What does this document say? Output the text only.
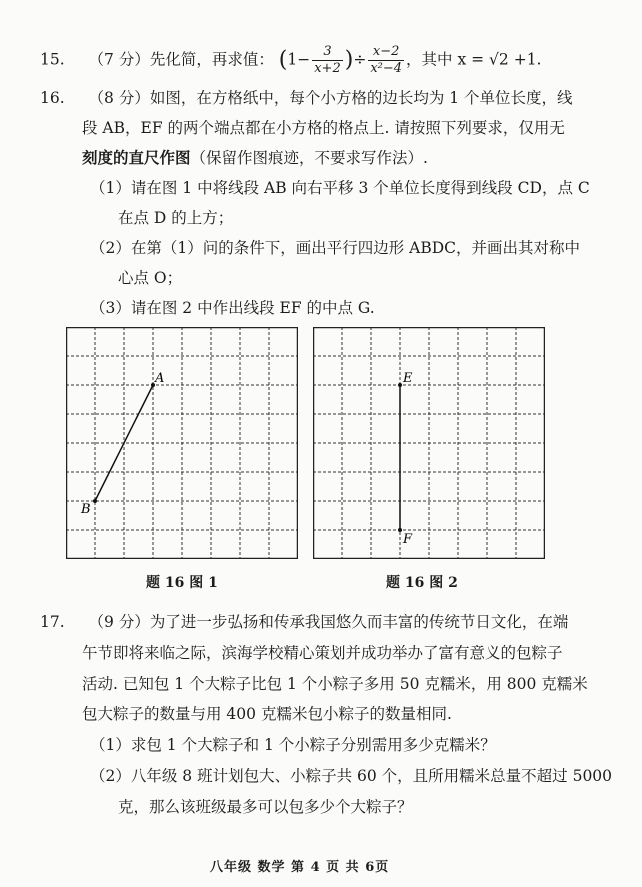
15. （7 分）先化简，再求值： ($1- \frac{3}{x+2}$ )÷ $\frac{x-2}{\text{x²−4}}$ ，其中 x = √2 +1.
16. （8 分）如图，在方格纸中，每个小方格的边长均为 1 个单位长度，线
段 AB，EF 的两个端点都在小方格的格点上. 请按照下列要求，仅用无
刻度的直尺作图（保留作图痕迹，不要求写作法）.
（1）请在图 1 中将线段 AB 向右平移 3 个单位长度得到线段 CD，点 C
在点 D 的上方；
（2）在第（1）问的条件下，画出平行四边形 ABDC，并画出其对称中
心点 O；
（3）请在图 2 中作出线段 EF 的中点 G.
A
B
题 16 图 1
E
F
题 16 图 2
17. （9 分）为了进一步弘扬和传承我国悠久而丰富的传统节日文化，在端
午节即将来临之际，滨海学校精心策划并成功举办了富有意义的包粽子
活动. 已知包 1 个大粽子比包 1 个小粽子多用 50 克糯米，用 800 克糯米
包大粽子的数量与用 400 克糯米包小粽子的数量相同.
（1）求包 1 个大粽子和 1 个小粽子分别需用多少克糯米？
（2）八年级 8 班计划包大、小粽子共 60 个，且所用糯米总量不超过 5000
克，那么该班级最多可以包多少个大粽子？
八年级 数学 第 4 页 共 6页
